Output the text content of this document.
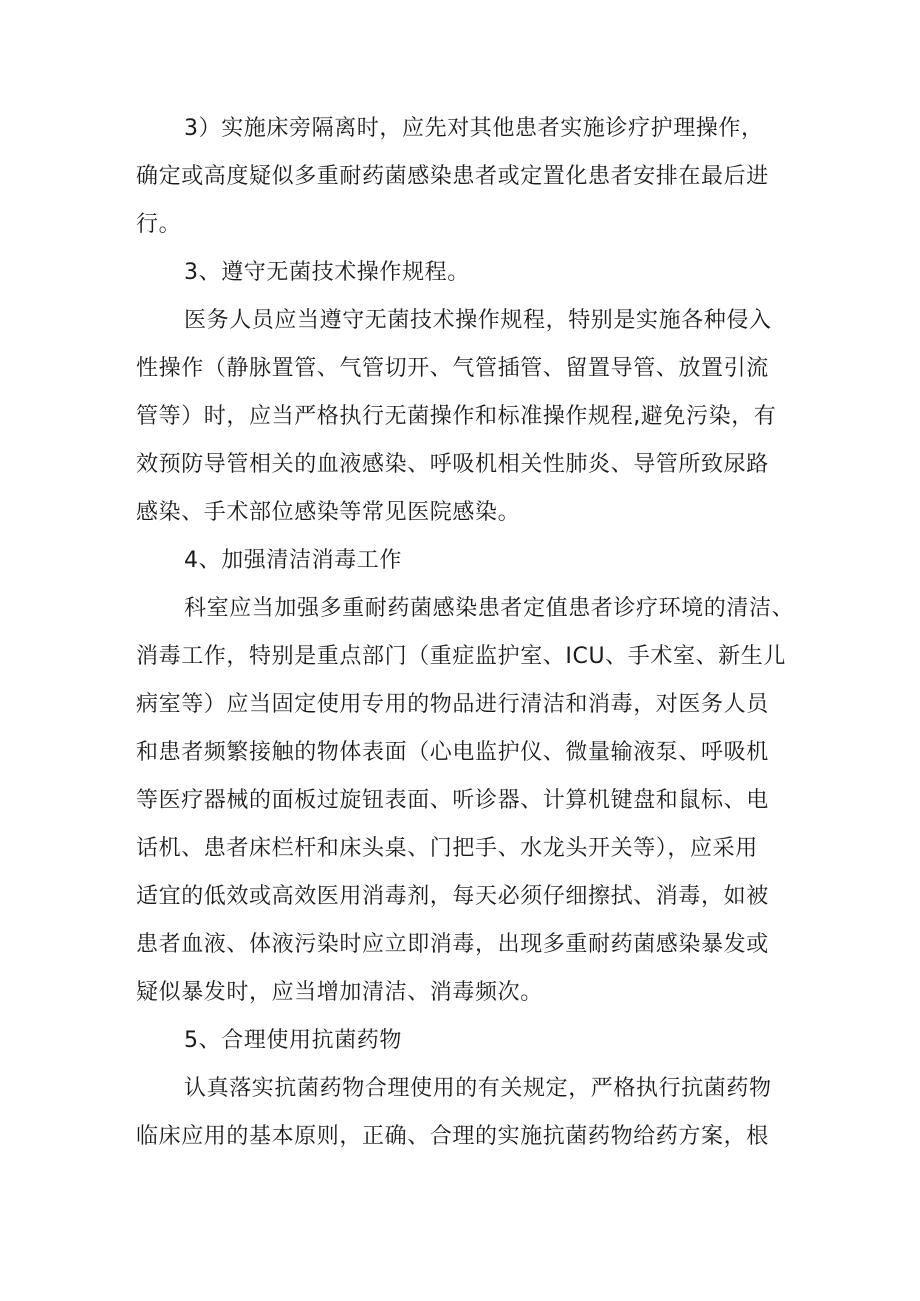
3）实施床旁隔离时，应先对其他患者实施诊疗护理操作，
确定或高度疑似多重耐药菌感染患者或定置化患者安排在最后进
行。
3、遵守无菌技术操作规程。
医务人员应当遵守无菌技术操作规程，特别是实施各种侵入
性操作（静脉置管、气管切开、气管插管、留置导管、放置引流
管等）时，应当严格执行无菌操作和标准操作规程,避免污染，有
效预防导管相关的血液感染、呼吸机相关性肺炎、导管所致尿路
感染、手术部位感染等常见医院感染。
4、加强清洁消毒工作
科室应当加强多重耐药菌感染患者定值患者诊疗环境的清洁、
消毒工作，特别是重点部门（重症监护室、ICU、手术室、新生儿
病室等）应当固定使用专用的物品进行清洁和消毒，对医务人员
和患者频繁接触的物体表面（心电监护仪、微量输液泵、呼吸机
等医疗器械的面板过旋钮表面、听诊器、计算机键盘和鼠标、电
话机、患者床栏杆和床头桌、门把手、水龙头开关等），应采用
适宜的低效或高效医用消毒剂，每天必须仔细擦拭、消毒，如被
患者血液、体液污染时应立即消毒，出现多重耐药菌感染暴发或
疑似暴发时，应当增加清洁、消毒频次。
5、合理使用抗菌药物
认真落实抗菌药物合理使用的有关规定，严格执行抗菌药物
临床应用的基本原则，正确、合理的实施抗菌药物给药方案，根
